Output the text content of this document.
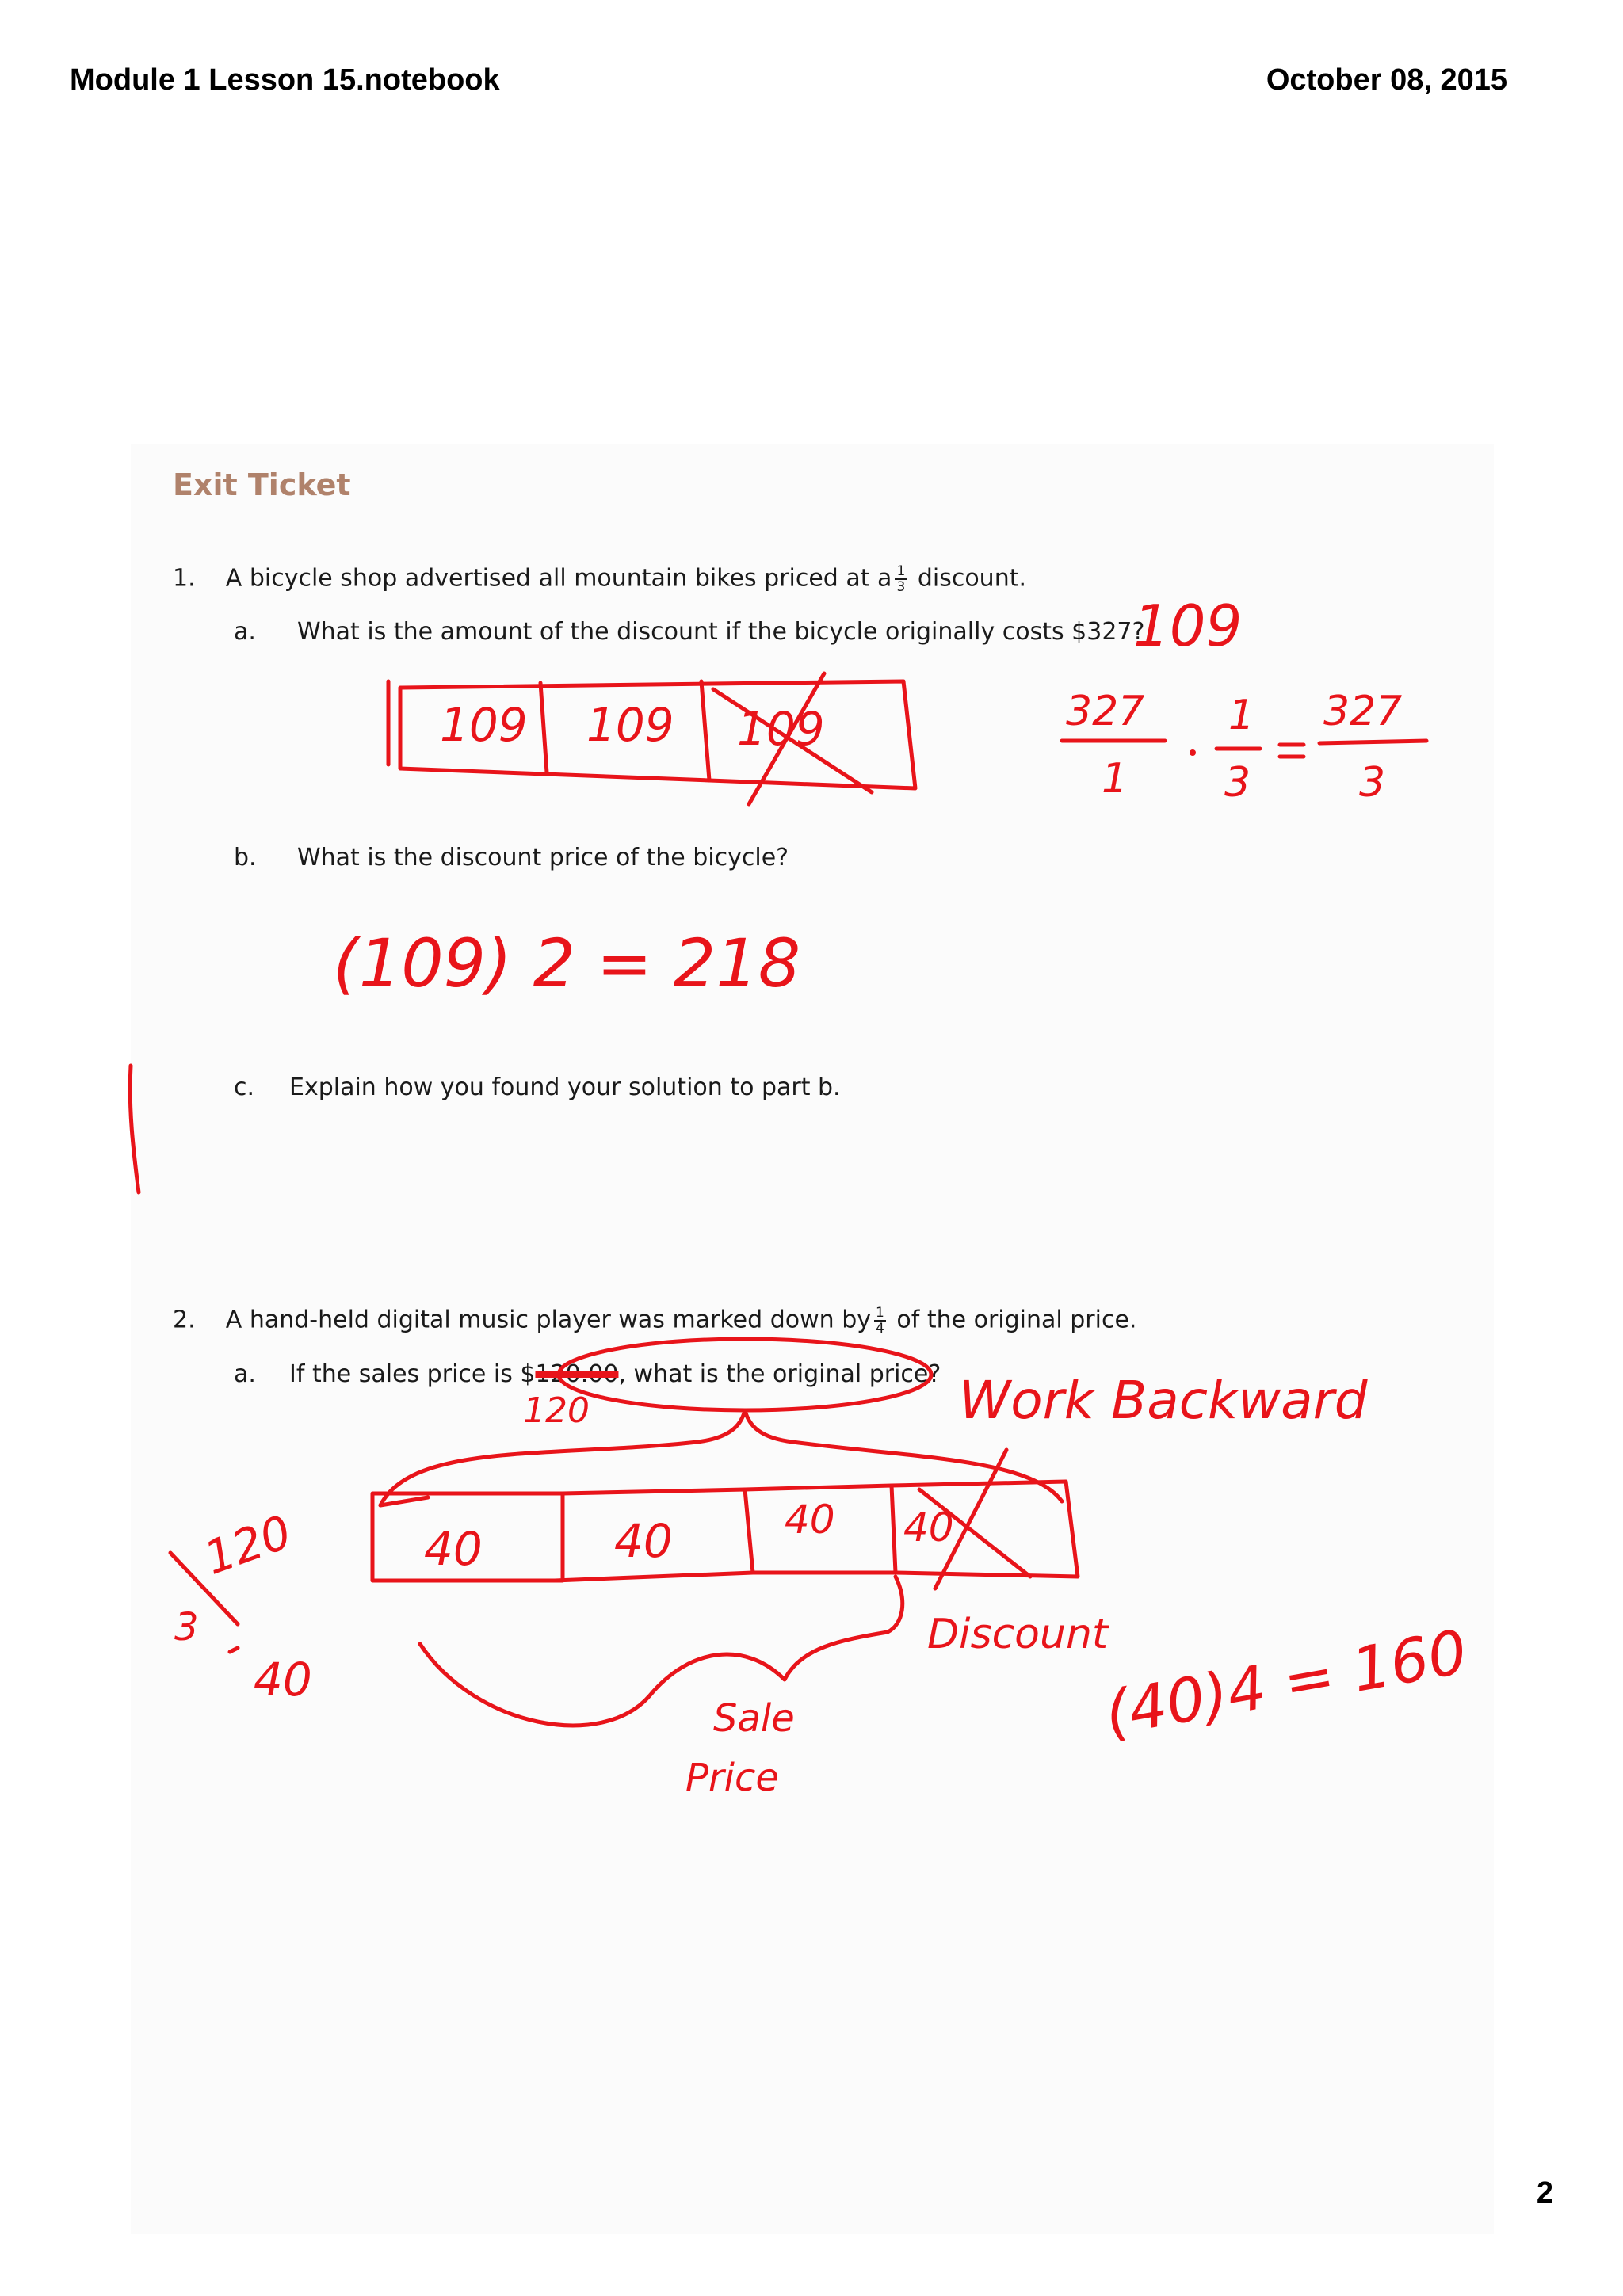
Module 1 Lesson 15.notebook	October 08, 2015
Exit Ticket
1. A bicycle shop advertised all mountain bikes priced at a $\frac{1}{3}$ discount.
a. What is the amount of the discount if the bicycle originally costs $327?
b. What is the discount price of the bicycle?
c. Explain how you found your solution to part b.
2. A hand-held digital music player was marked down by $\frac{1}{4}$ of the original price.
a. If the sales price is $120.00, what is the original price?
109
109 109 109	327
1
1
3
327
3
(109) 2 = 218
120	Work Backward
40	40	40 40
Sale
Price
Discount
120
3
40	(40)4 = 160
2
